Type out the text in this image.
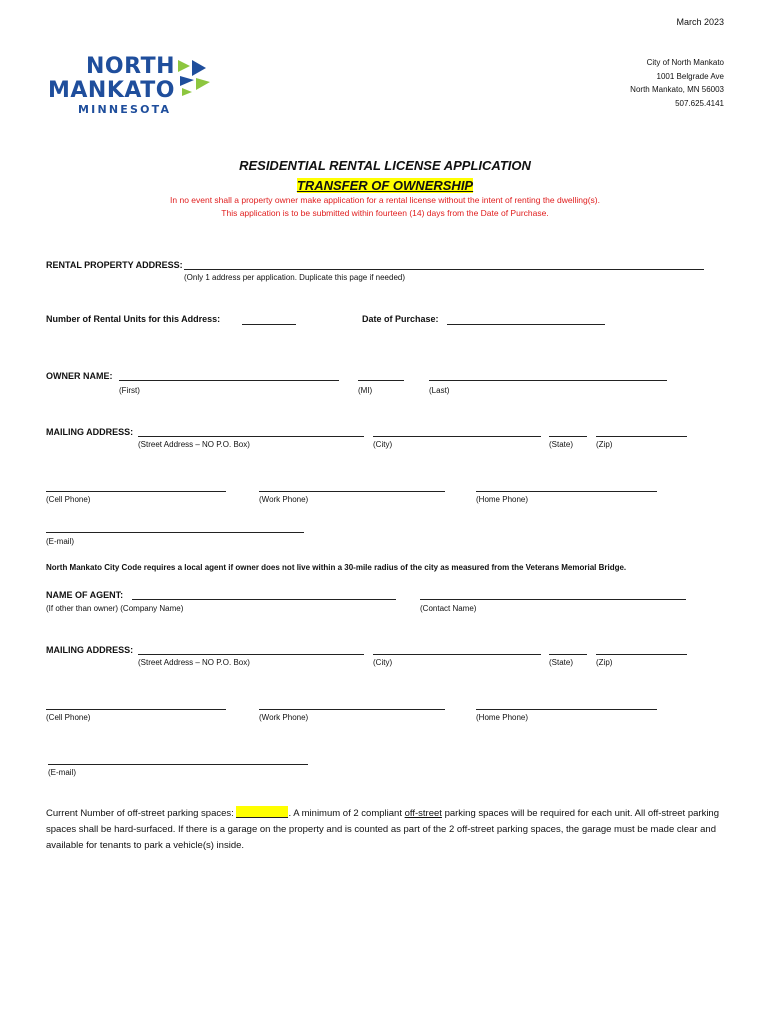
March 2023
City of North Mankato
1001 Belgrade Ave
North Mankato, MN 56003
507.625.4141
NORTH
MANKATO
MINNESOTA
RESIDENTIAL RENTAL LICENSE APPLICATION
TRANSFER OF OWNERSHIP
In no event shall a property owner make application for a rental license without the intent of renting the dwelling(s).
This application is to be submitted within fourteen (14) days from the Date of Purchase.
RENTAL PROPERTY ADDRESS:
(Only 1 address per application. Duplicate this page if needed)
Number of Rental Units for this Address:	Date of Purchase:
OWNER NAME:
(First)	(MI)	(Last)
MAILING ADDRESS:
(Street Address – NO P.O. Box)	(City)	(State)	(Zip)
(Cell Phone)	(Work Phone)	(Home Phone)
(E-mail)
North Mankato City Code requires a local agent if owner does not live within a 30-mile radius of the city as measured from the Veterans Memorial Bridge.
NAME OF AGENT:
(If other than owner) (Company Name)	(Contact Name)
MAILING ADDRESS:
(Street Address – NO P.O. Box)	(City)	(State)	(Zip)
(Cell Phone)	(Work Phone)	(Home Phone)
(E-mail)
Current Number of off-street parking spaces:	. A minimum of 2 compliant off-street parking spaces will be required for each unit. All off-street parking spaces shall be hard-surfaced. If there is a garage on the property and is counted as part of the 2 off-street parking spaces, the garage must be made clear and available for tenants to park a vehicle(s) inside.
